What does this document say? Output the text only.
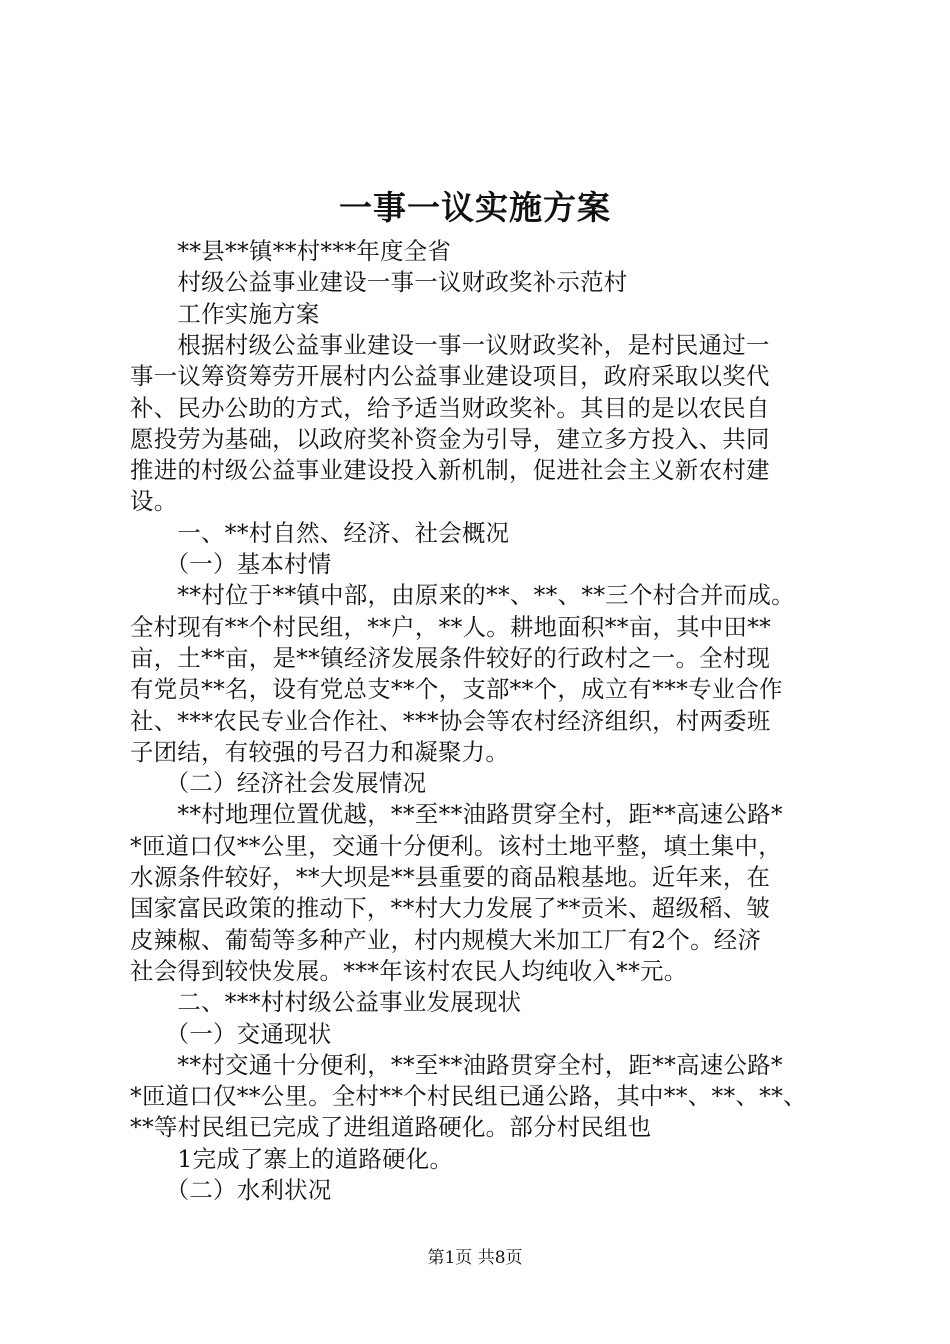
一事一议实施方案
　　**县**镇**村***年度全省
　　村级公益事业建设一事一议财政奖补示范村
　　工作实施方案
　　根据村级公益事业建设一事一议财政奖补，是村民通过一
事一议筹资筹劳开展村内公益事业建设项目，政府采取以奖代
补、民办公助的方式，给予适当财政奖补。其目的是以农民自
愿投劳为基础，以政府奖补资金为引导，建立多方投入、共同
推进的村级公益事业建设投入新机制，促进社会主义新农村建
设。
　　一、**村自然、经济、社会概况
　　（一）基本村情
　　**村位于**镇中部，由原来的**、**、**三个村合并而成。
全村现有**个村民组，**户，**人。耕地面积**亩，其中田**
亩，土**亩，是**镇经济发展条件较好的行政村之一。全村现
有党员**名，设有党总支**个，支部**个，成立有***专业合作
社、***农民专业合作社、***协会等农村经济组织，村两委班
子团结，有较强的号召力和凝聚力。
　　（二）经济社会发展情况
　　**村地理位置优越，**至**油路贯穿全村，距**高速公路*
*匝道口仅**公里，交通十分便利。该村土地平整，填土集中，
水源条件较好，**大坝是**县重要的商品粮基地。近年来，在
国家富民政策的推动下，**村大力发展了**贡米、超级稻、皱
皮辣椒、葡萄等多种产业，村内规模大米加工厂有2个。经济
社会得到较快发展。***年该村农民人均纯收入**元。
　　二、***村村级公益事业发展现状
　　（一）交通现状
　　**村交通十分便利，**至**油路贯穿全村，距**高速公路*
*匝道口仅**公里。全村**个村民组已通公路，其中**、**、**、
**等村民组已完成了进组道路硬化。部分村民组也
　　1完成了寨上的道路硬化。
　　（二）水利状况
第1页 共8页
